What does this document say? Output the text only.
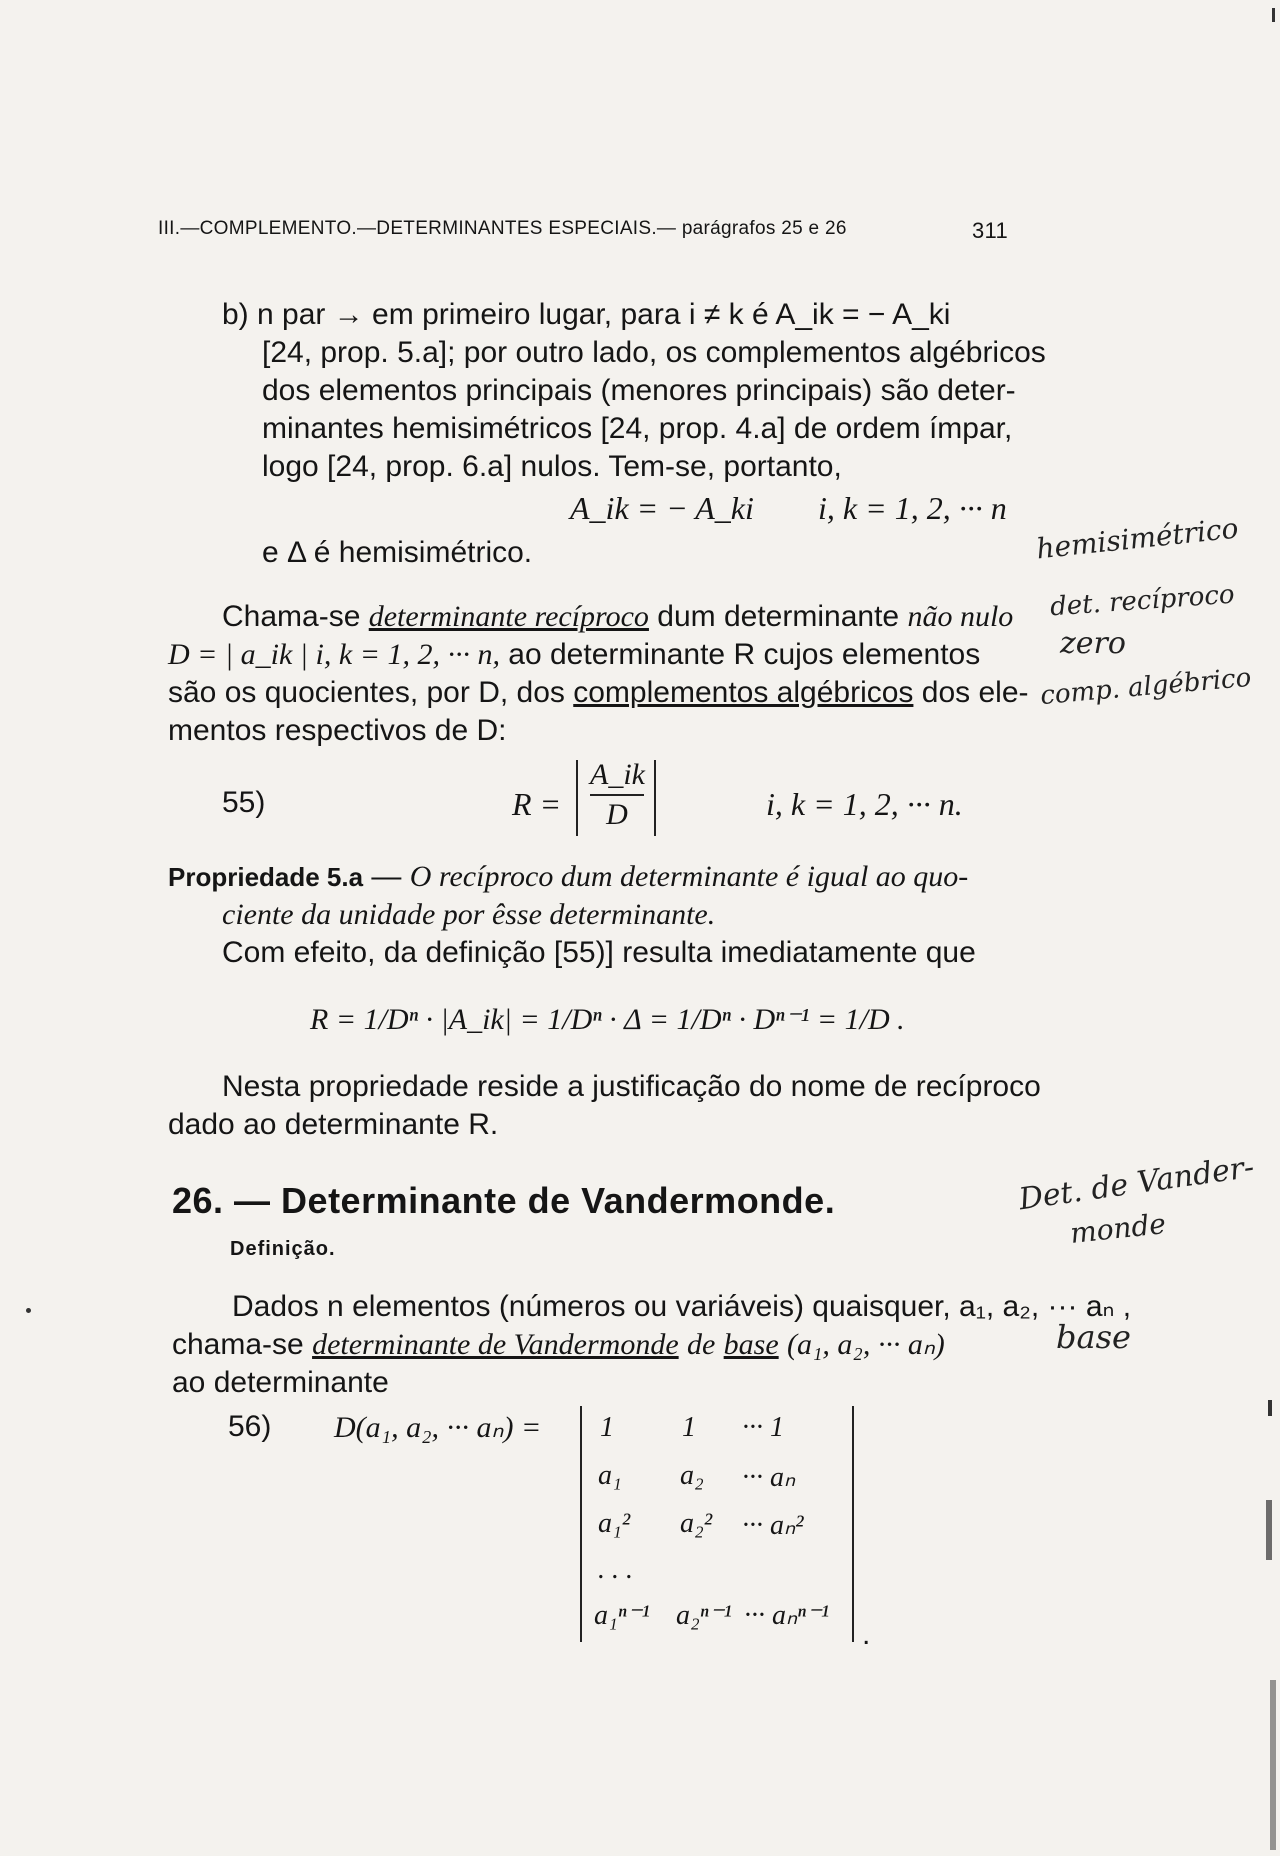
III.—COMPLEMENTO.—DETERMINANTES ESPECIAIS.— parágrafos 25 e 26	311
b) n par → em primeiro lugar, para i ≠ k é A_ik = − A_ki
[24, prop. 5.a]; por outro lado, os complementos algébricos
dos elementos principais (menores principais) são deter-
minantes hemisimétricos [24, prop. 4.a] de ordem ímpar,
logo [24, prop. 6.a] nulos. Tem-se, portanto,
A_ik = − A_ki i, k = 1, 2, ··· n
e Δ é hemisimétrico.
Chama-se determinante recíproco dum determinante não nulo
D = | a_ik | i, k = 1, 2, ··· n, ao determinante R cujos elementos
são os quocientes, por D, dos complementos algébricos dos ele-
mentos respectivos de D:
55)	R =
A_ik
D	i, k = 1, 2, ··· n.
Propriedade 5.a — O recíproco dum determinante é igual ao quo-
ciente da unidade por êsse determinante.
Com efeito, da definição [55)] resulta imediatamente que
R = 1/Dⁿ · |A_ik| = 1/Dⁿ · Δ = 1/Dⁿ · Dⁿ⁻¹ = 1/D .
Nesta propriedade reside a justificação do nome de recíproco
dado ao determinante R.
26. — Determinante de Vandermonde.
Definição.
Dados n elementos (números ou variáveis) quaisquer, a₁, a₂, ··· aₙ ,
chama-se determinante de Vandermonde de base (a₁, a₂, ··· aₙ)
ao determinante
56) D(a₁, a₂, ··· aₙ) = 1 1 ··· 1
a₁ a₂ ··· aₙ
a₁² a₂² ··· aₙ²
. . .
a₁ⁿ⁻¹ a₂ⁿ⁻¹ ··· aₙⁿ⁻¹
.
hemisimétrico
det. recíproco
zero
comp. algébrico
Det. de Vander-
monde
base
